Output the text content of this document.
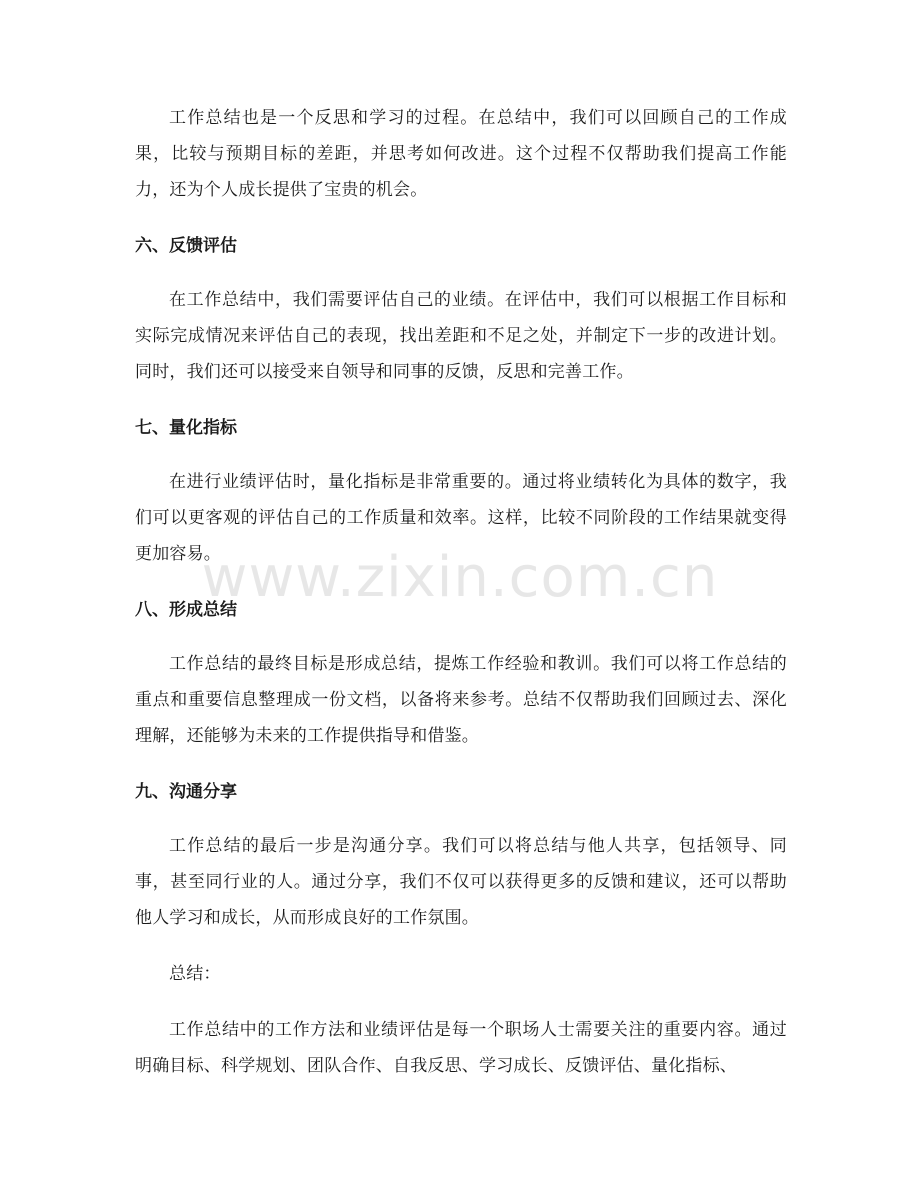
www.zixin.com.cn

工作总结也是一个反思和学习的过程。在总结中，我们可以回顾自己的工作成果，比较与预期目标的差距，并思考如何改进。这个过程不仅帮助我们提高工作能力，还为个人成长提供了宝贵的机会。

六、反馈评估

在工作总结中，我们需要评估自己的业绩。在评估中，我们可以根据工作目标和实际完成情况来评估自己的表现，找出差距和不足之处，并制定下一步的改进计划。同时，我们还可以接受来自领导和同事的反馈，反思和完善工作。

七、量化指标

在进行业绩评估时，量化指标是非常重要的。通过将业绩转化为具体的数字，我们可以更客观的评估自己的工作质量和效率。这样，比较不同阶段的工作结果就变得更加容易。

八、形成总结

工作总结的最终目标是形成总结，提炼工作经验和教训。我们可以将工作总结的重点和重要信息整理成一份文档，以备将来参考。总结不仅帮助我们回顾过去、深化理解，还能够为未来的工作提供指导和借鉴。

九、沟通分享

工作总结的最后一步是沟通分享。我们可以将总结与他人共享，包括领导、同事，甚至同行业的人。通过分享，我们不仅可以获得更多的反馈和建议，还可以帮助他人学习和成长，从而形成良好的工作氛围。

总结：

工作总结中的工作方法和业绩评估是每一个职场人士需要关注的重要内容。通过明确目标、科学规划、团队合作、自我反思、学习成长、反馈评估、量化指标、
